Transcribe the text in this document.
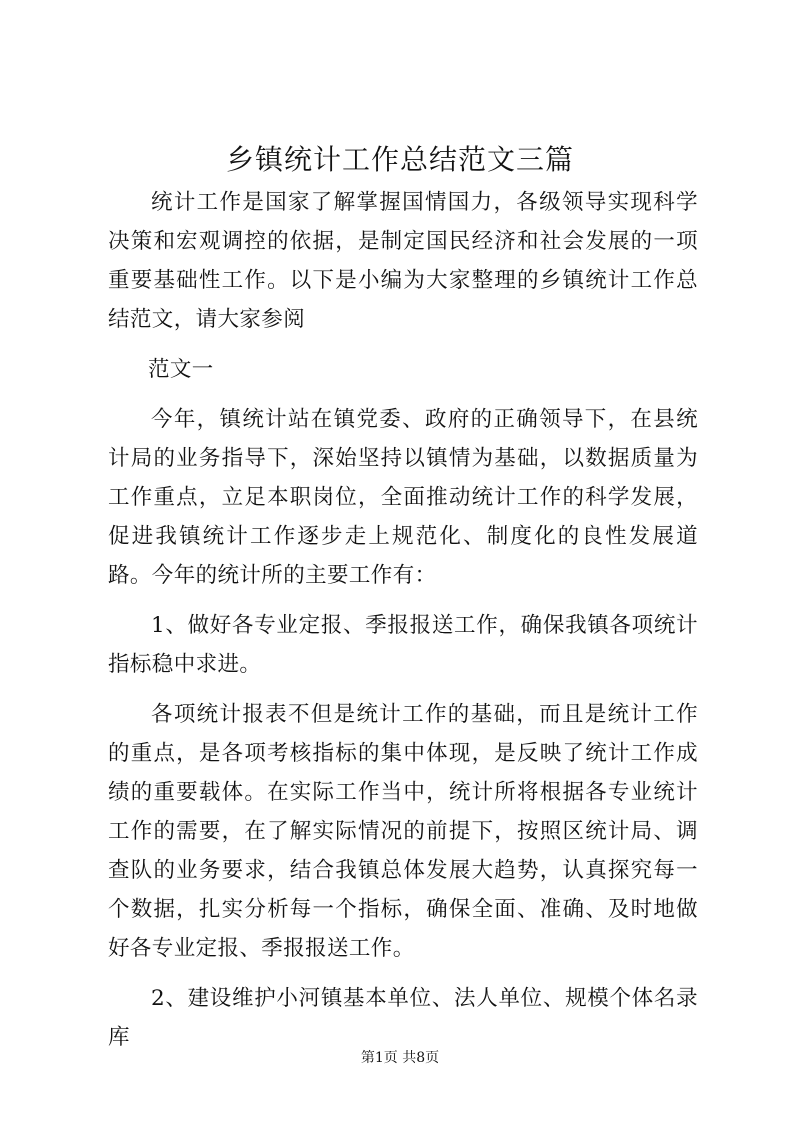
乡镇统计工作总结范文三篇

统计工作是国家了解掌握国情国力，各级领导实现科学决策和宏观调控的依据，是制定国民经济和社会发展的一项重要基础性工作。以下是小编为大家整理的乡镇统计工作总结范文，请大家参阅

范文一

今年，镇统计站在镇党委、政府的正确领导下，在县统计局的业务指导下，深始坚持以镇情为基础，以数据质量为工作重点，立足本职岗位，全面推动统计工作的科学发展，促进我镇统计工作逐步走上规范化、制度化的良性发展道路。今年的统计所的主要工作有：

1、做好各专业定报、季报报送工作，确保我镇各项统计指标稳中求进。

各项统计报表不但是统计工作的基础，而且是统计工作的重点，是各项考核指标的集中体现，是反映了统计工作成绩的重要载体。在实际工作当中，统计所将根据各专业统计工作的需要，在了解实际情况的前提下，按照区统计局、调查队的业务要求，结合我镇总体发展大趋势，认真探究每一个数据，扎实分析每一个指标，确保全面、准确、及时地做好各专业定报、季报报送工作。

2、建设维护小河镇基本单位、法人单位、规模个体名录库

第1页 共8页
